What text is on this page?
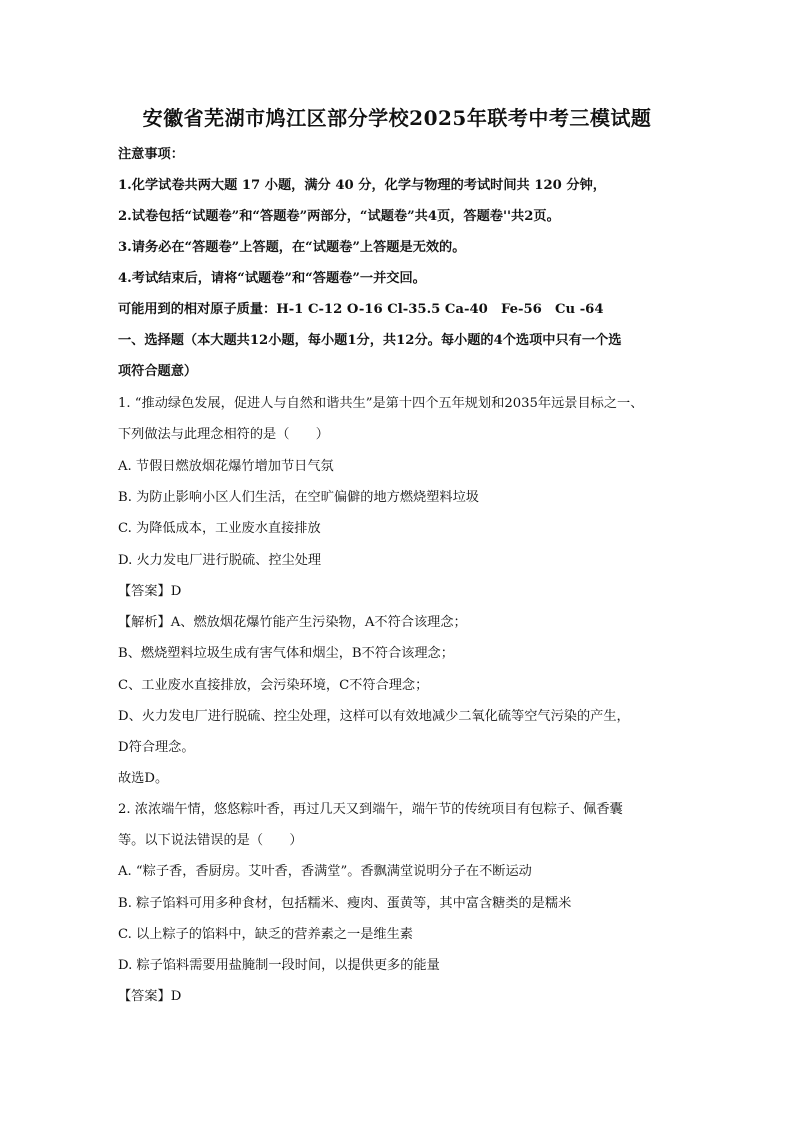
安徽省芜湖市鸠江区部分学校2025年联考中考三模试题
注意事项：
1.化学试卷共两大题 17 小题，满分 40 分，化学与物理的考试时间共 120 分钟，
2.试卷包括“试题卷”和“答题卷”两部分，“试题卷”共4页，答题卷''共2页。
3.请务必在“答题卷”上答题，在“试题卷”上答题是无效的。
4.考试结束后，请将“试题卷”和“答题卷”一并交回。
可能用到的相对原子质量：H-1 C-12 O-16 Cl-35.5 Ca-40　Fe-56　Cu -64
一、选择题（本大题共12小题，每小题1分，共12分。每小题的4个选项中只有一个选
项符合题意）
1. “推动绿色发展，促进人与自然和谐共生”是第十四个五年规划和2035年远景目标之一、
下列做法与此理念相符的是（　　）
A. 节假日燃放烟花爆竹增加节日气氛
B. 为防止影响小区人们生活，在空旷偏僻的地方燃烧塑料垃圾
C. 为降低成本，工业废水直接排放
D. 火力发电厂进行脱硫、控尘处理
【答案】D
【解析】A、燃放烟花爆竹能产生污染物，A不符合该理念；
B、燃烧塑料垃圾生成有害气体和烟尘，B不符合该理念；
C、工业废水直接排放，会污染环境，C不符合理念；
D、火力发电厂进行脱硫、控尘处理，这样可以有效地减少二氧化硫等空气污染的产生，
D符合理念。
故选D。
2. 浓浓端午情，悠悠粽叶香，再过几天又到端午，端午节的传统项目有包粽子、佩香囊
等。以下说法错误的是（　　）
A. “粽子香，香厨房。艾叶香，香满堂”。香飘满堂说明分子在不断运动
B. 粽子馅料可用多种食材，包括糯米、瘦肉、蛋黄等，其中富含糖类的是糯米
C. 以上粽子的馅料中，缺乏的营养素之一是维生素
D. 粽子馅料需要用盐腌制一段时间，以提供更多的能量
【答案】D
